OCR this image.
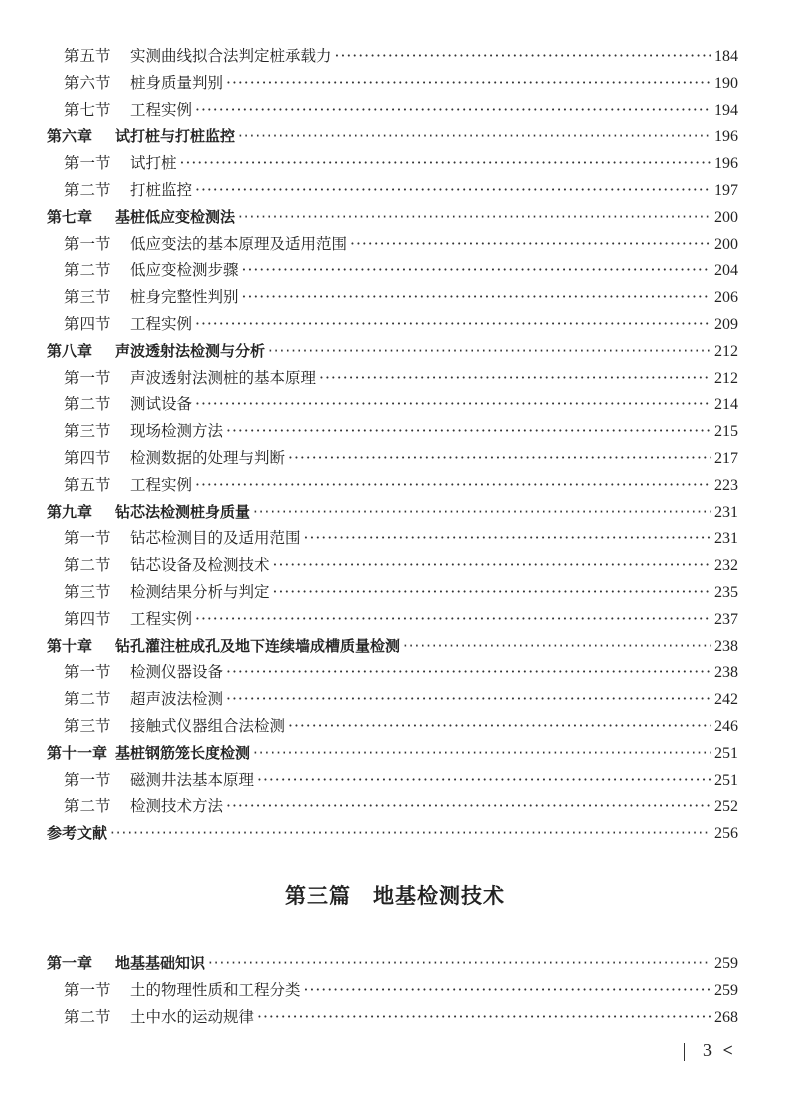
第五节	实测曲线拟合法判定桩承载力 ·····	184
第六节	桩身质量判别 ·····	190
第七节	工程实例 ·····	194
第六章	试打桩与打桩监控 ·····	196
第一节	试打桩 ·····	196
第二节	打桩监控 ·····	197
第七章	基桩低应变检测法 ·····	200
第一节	低应变法的基本原理及适用范围 ·····	200
第二节	低应变检测步骤 ·····	204
第三节	桩身完整性判别 ·····	206
第四节	工程实例 ·····	209
第八章	声波透射法检测与分析 ·····	212
第一节	声波透射法测桩的基本原理 ·····	212
第二节	测试设备 ·····	214
第三节	现场检测方法 ·····	215
第四节	检测数据的处理与判断 ·····	217
第五节	工程实例 ·····	223
第九章	钻芯法检测桩身质量 ·····	231
第一节	钻芯检测目的及适用范围 ·····	231
第二节	钻芯设备及检测技术 ·····	232
第三节	检测结果分析与判定 ·····	235
第四节	工程实例 ·····	237
第十章	钻孔灌注桩成孔及地下连续墙成槽质量检测 ·····	238
第一节	检测仪器设备 ·····	238
第二节	超声波法检测 ·····	242
第三节	接触式仪器组合法检测 ·····	246
第十一章 基桩钢筋笼长度检测 ·····	251
第一节	磁测井法基本原理 ·····	251
第二节	检测技术方法 ·····	252
参考文献 ·····	256
第三篇　地基检测技术
第一章	地基基础知识 ·····	259
第一节	土的物理性质和工程分类 ·····	259
第二节	土中水的运动规律 ·····	268
3 <
